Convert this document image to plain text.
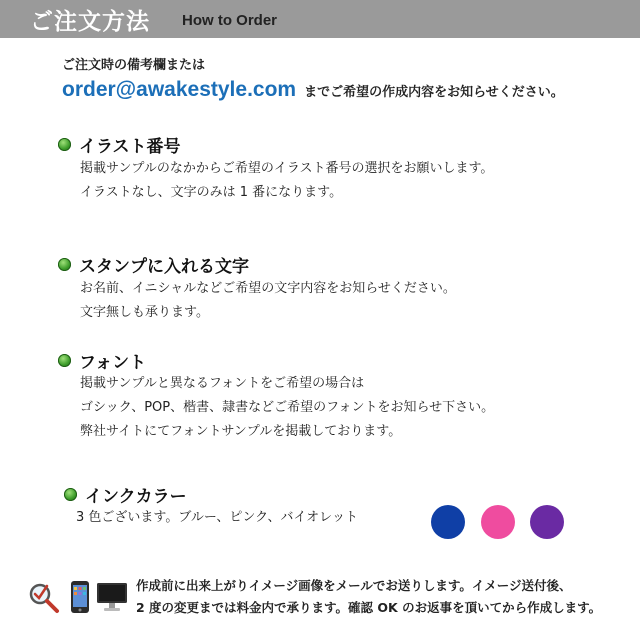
ご注文方法 How to Order
ご注文時の備考欄または
order@awakestyle.com までご希望の作成内容をお知らせください。
イラスト番号
掲載サンプルのなかからご希望のイラスト番号の選択をお願いします。
イラストなし、文字のみは 1 番になります。
スタンプに入れる文字
お名前、イニシャルなどご希望の文字内容をお知らせください。
文字無しも承ります。
フォント
掲載サンプルと異なるフォントをご希望の場合は
ゴシック、POP、楷書、隷書などご希望のフォントをお知らせ下さい。
弊社サイトにてフォントサンプルを掲載しております。
インクカラー
3 色ございます。ブルー、ピンク、バイオレット
作成前に出来上がりイメージ画像をメールでお送りします。イメージ送付後、
2 度の変更までは料金内で承ります。確認 OK のお返事を頂いてから作成します。
